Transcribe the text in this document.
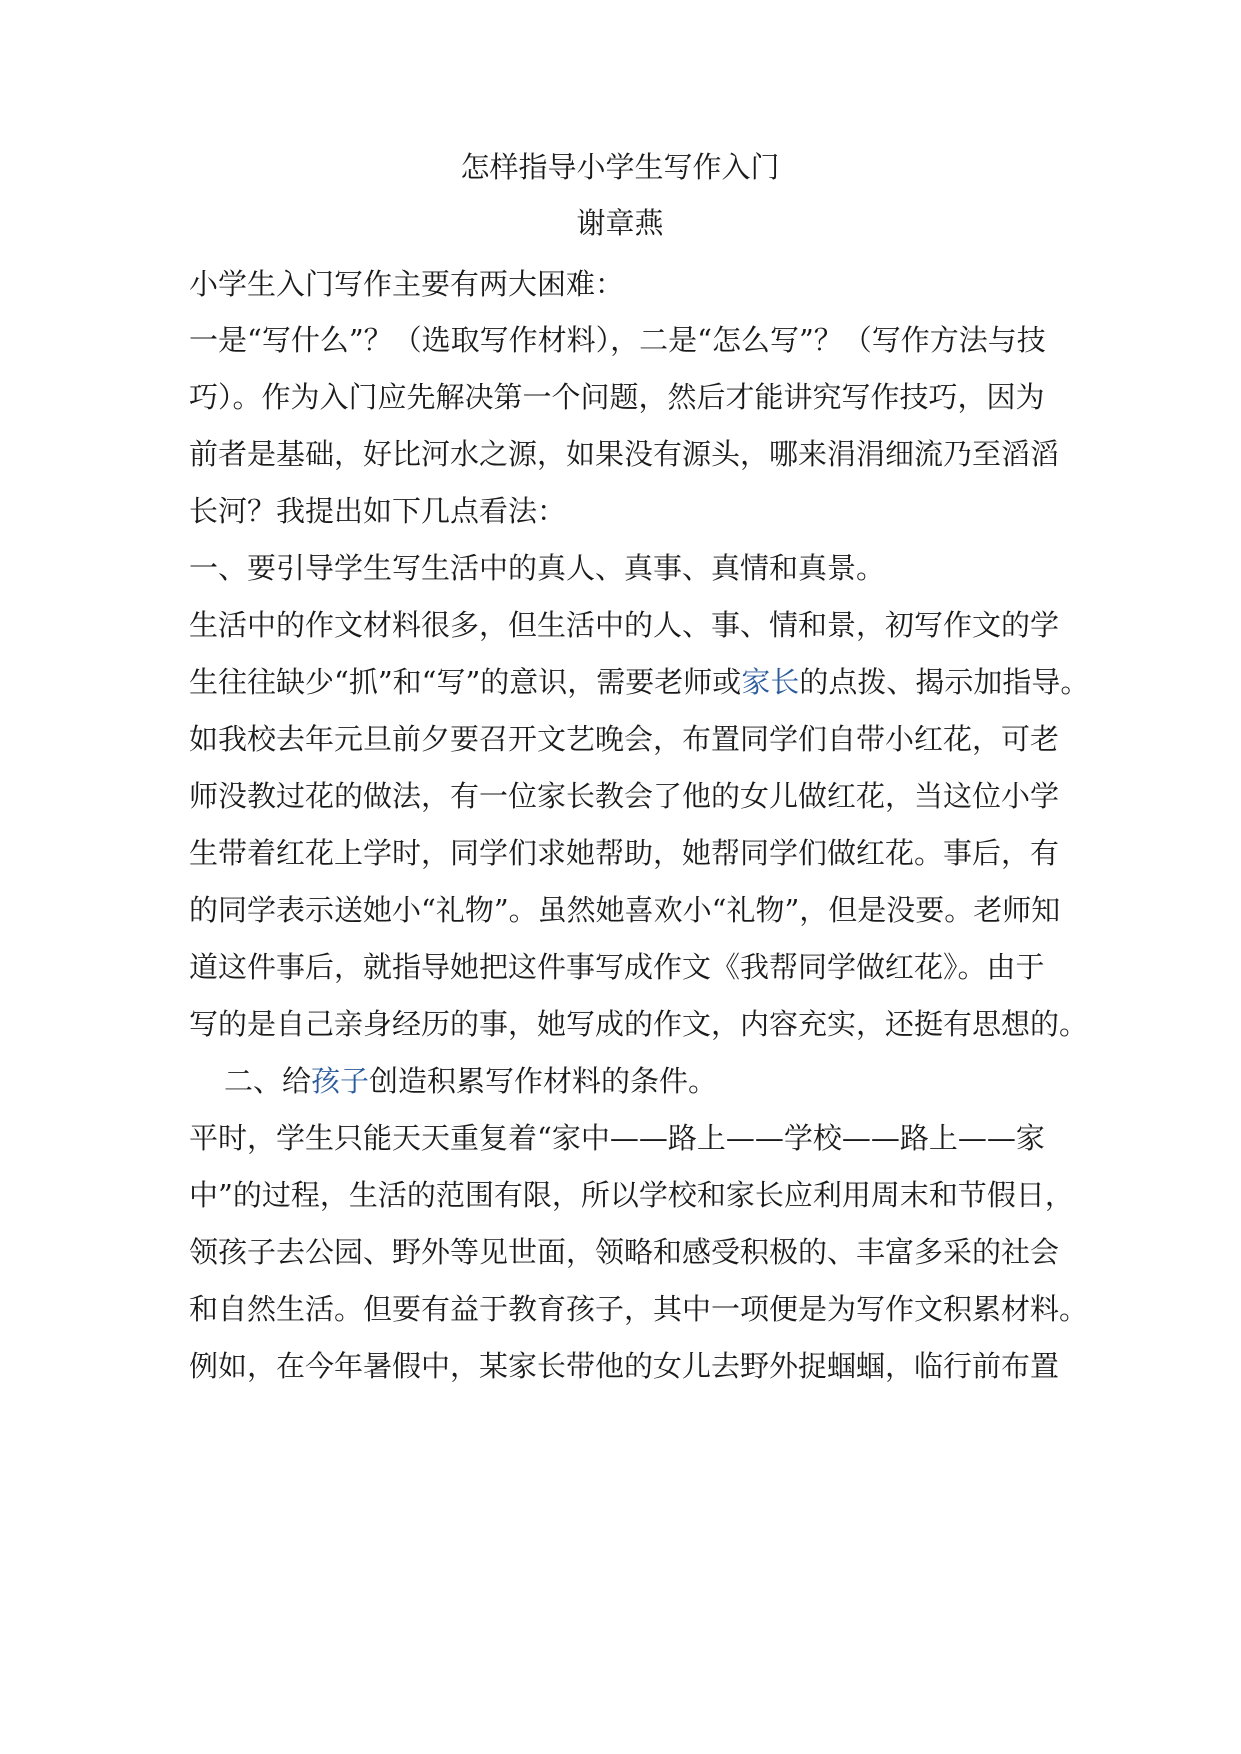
怎样指导小学生写作入门
谢章燕
小学生入门写作主要有两大困难：
一是“写什么”？（选取写作材料），二是“怎么写”？（写作方法与技
巧）。作为入门应先解决第一个问题，然后才能讲究写作技巧，因为
前者是基础，好比河水之源，如果没有源头，哪来涓涓细流乃至滔滔
长河？我提出如下几点看法：
一、要引导学生写生活中的真人、真事、真情和真景。
生活中的作文材料很多，但生活中的人、事、情和景，初写作文的学
生往往缺少“抓”和“写”的意识，需要老师或家长的点拨、揭示加指导。
如我校去年元旦前夕要召开文艺晚会，布置同学们自带小红花，可老
师没教过花的做法，有一位家长教会了他的女儿做红花，当这位小学
生带着红花上学时，同学们求她帮助，她帮同学们做红花。事后，有
的同学表示送她小“礼物”。虽然她喜欢小“礼物”，但是没要。老师知
道这件事后，就指导她把这件事写成作文《我帮同学做红花》。由于
写的是自己亲身经历的事，她写成的作文，内容充实，还挺有思想的。
二、给孩子创造积累写作材料的条件。
平时，学生只能天天重复着“家中——路上——学校——路上——家
中”的过程，生活的范围有限，所以学校和家长应利用周末和节假日，
领孩子去公园、野外等见世面，领略和感受积极的、丰富多采的社会
和自然生活。但要有益于教育孩子，其中一项便是为写作文积累材料。
例如，在今年暑假中，某家长带他的女儿去野外捉蝈蝈，临行前布置
